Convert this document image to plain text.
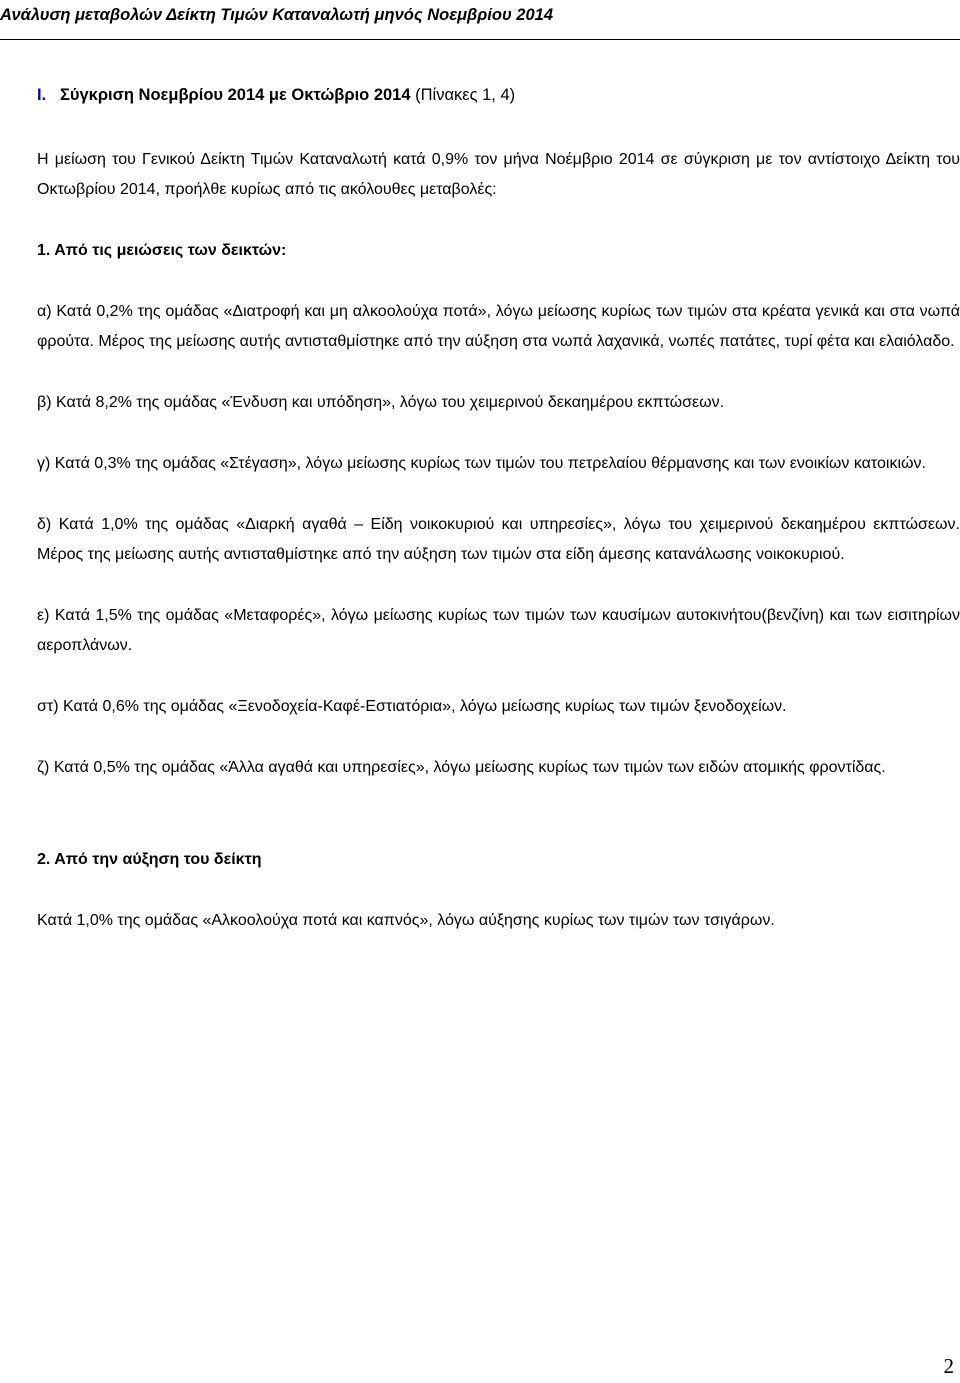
Ανάλυση μεταβολών Δείκτη Τιμών Καταναλωτή μηνός Νοεμβρίου 2014
Ι. Σύγκριση Νοεμβρίου 2014 με Οκτώβριο 2014 (Πίνακες 1, 4)

Η μείωση του Γενικού Δείκτη Τιμών Καταναλωτή κατά 0,9% τον μήνα Νοέμβριο 2014 σε σύγκριση με τον αντίστοιχο Δείκτη του Οκτωβρίου 2014, προήλθε κυρίως από τις ακόλουθες μεταβολές:

1. Από τις μειώσεις των δεικτών:

α) Κατά 0,2% της ομάδας «Διατροφή και μη αλκοολούχα ποτά», λόγω μείωσης κυρίως των τιμών στα κρέατα γενικά και στα νωπά φρούτα. Μέρος της μείωσης αυτής αντισταθμίστηκε από την αύξηση στα νωπά λαχανικά, νωπές πατάτες, τυρί φέτα και ελαιόλαδο.

β) Κατά 8,2% της ομάδας «Ένδυση και υπόδηση», λόγω του χειμερινού δεκαημέρου εκπτώσεων.

γ) Κατά 0,3% της ομάδας «Στέγαση», λόγω μείωσης κυρίως των τιμών του πετρελαίου θέρμανσης και των ενοικίων κατοικιών.

δ) Κατά 1,0% της ομάδας «Διαρκή αγαθά – Είδη νοικοκυριού και υπηρεσίες», λόγω του χειμερινού δεκαημέρου εκπτώσεων. Μέρος της μείωσης αυτής αντισταθμίστηκε από την αύξηση των τιμών στα είδη άμεσης κατανάλωσης νοικοκυριού.

ε) Κατά 1,5% της ομάδας «Μεταφορές», λόγω μείωσης κυρίως των τιμών των καυσίμων αυτοκινήτου(βενζίνη) και των εισιτηρίων αεροπλάνων.

στ) Κατά 0,6% της ομάδας «Ξενοδοχεία-Καφέ-Εστιατόρια», λόγω μείωσης κυρίως των τιμών ξενοδοχείων.

ζ) Κατά 0,5% της ομάδας «Άλλα αγαθά και υπηρεσίες», λόγω μείωσης κυρίως των τιμών των ειδών ατομικής φροντίδας.

2. Από την αύξηση του δείκτη

Κατά 1,0% της ομάδας «Αλκοολούχα ποτά και καπνός», λόγω αύξησης κυρίως των τιμών των τσιγάρων.

2
